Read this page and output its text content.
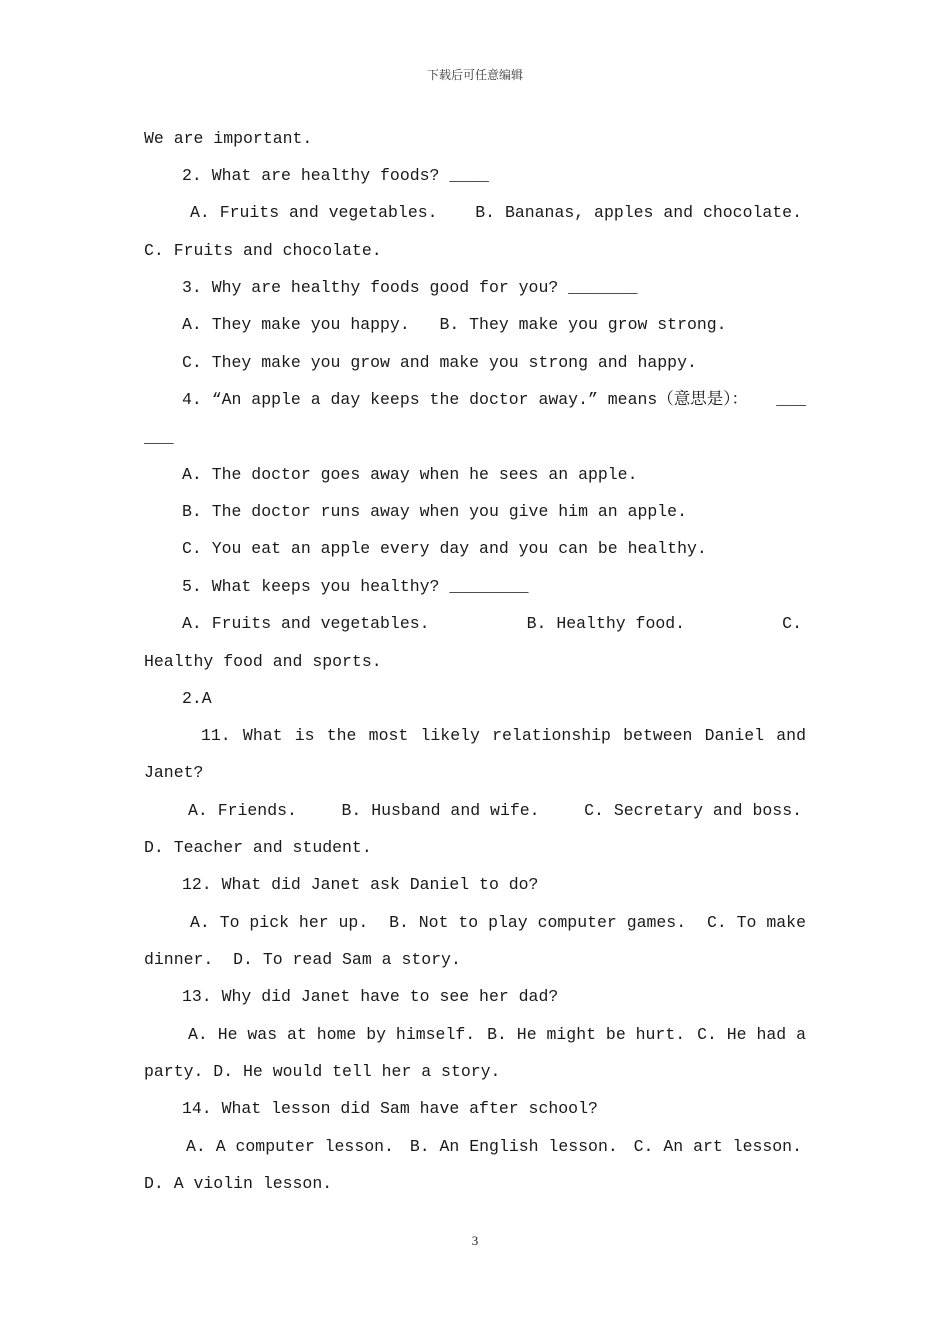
下载后可任意编辑
We are important.
2. What are healthy foods? ____
A. Fruits and vegetables. B. Bananas, apples and chocolate.
C. Fruits and chocolate.
3. Why are healthy foods good for you? _______
A. They make you happy.   B. They make you grow strong.
C. They make you grow and make you strong and happy.
4. “An apple a day keeps the doctor away.” means（意思是）： ___
___
A. The doctor goes away when he sees an apple.
B. The doctor runs away when you give him an apple.
C. You eat an apple every day and you can be healthy.
5. What keeps you healthy? ________
A. Fruits and vegetables.	B. Healthy food.	C.
Healthy food and sports.
2.A
11. What is the most likely relationship between Daniel and
Janet?
A. Friends.	B. Husband and wife.	C. Secretary and boss.
D. Teacher and student.
12. What did Janet ask Daniel to do?
A. To pick her up. B. Not to play computer games. C. To make
dinner.  D. To read Sam a story.
13. Why did Janet have to see her dad?
A. He was at home by himself. B. He might be hurt. C. He had a
party. D. He would tell her a story.
14. What lesson did Sam have after school?
A. A computer lesson. B. An English lesson. C. An art lesson.
D. A violin lesson.
3
